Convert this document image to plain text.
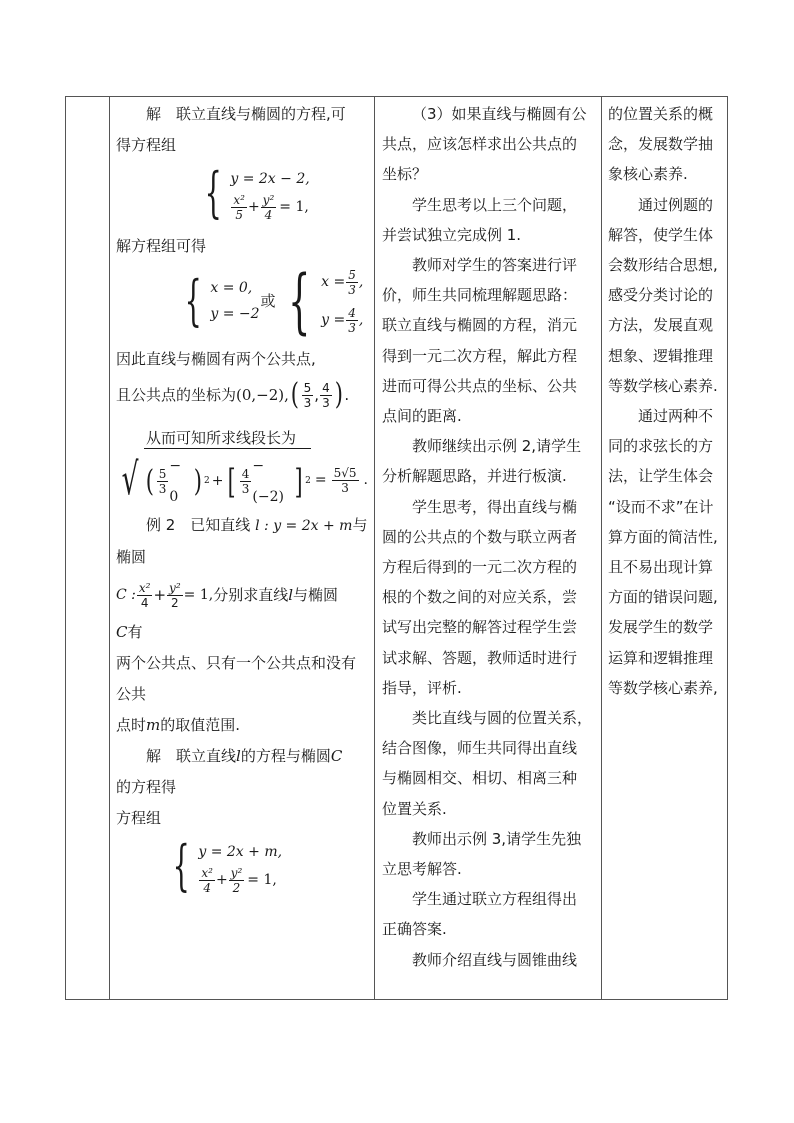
解　联立直线与椭圆的方程,可

得方程组

{ y = 2x − 2,
$\frac{\text{x²}}{5} + \frac{\text{y²}}{4} = 1$,

解方程组可得

{ x = 0,
y = −2
或 { $x = \frac{5}{3}$ ,
$y = \frac{4}{3}$ ,

因此直线与椭圆有两个公共点,

且公共点的坐标为 (0,−2), ( $\frac{5}{3}$ , $\frac{4}{3}$ ) .

从而可知所求线段长为

√ ( $\frac{5}{3}$
− 0 ) 2 + [ $\frac{4}{3}$
−(−2) ] $2 = \frac{5√5}{3}$ .

例 2　已知直线 l : y = 2x + m与

椭圆

C : $\frac{\text{x²}}{4} + \frac{\text{y²}}{2} = 1$, 分别求直线 l 与椭圆

C有

两个公共点、只有一个公共点和没有

公共

点时m的取值范围.

解　联立直线l的方程与椭圆C

的方程得

方程组

{ y = 2x + m,
$\frac{\text{x²}}{4} + \frac{\text{y²}}{2} = 1$,

（3）如果直线与椭圆有公

共点，应该怎样求出公共点的

坐标？

学生思考以上三个问题，

并尝试独立完成例 1.

教师对学生的答案进行评

价，师生共同梳理解题思路：

联立直线与椭圆的方程，消元

得到一元二次方程，解此方程

进而可得公共点的坐标、公共

点间的距离.

教师继续出示例 2,请学生

分析解题思路，并进行板演.

学生思考，得出直线与椭

圆的公共点的个数与联立两者

方程后得到的一元二次方程的

根的个数之间的对应关系，尝

试写出完整的解答过程学生尝

试求解、答题，教师适时进行

指导，评析.

类比直线与圆的位置关系，

结合图像，师生共同得出直线

与椭圆相交、相切、相离三种

位置关系.

教师出示例 3,请学生先独

立思考解答.

学生通过联立方程组得出

正确答案.

教师介绍直线与圆锥曲线

的位置关系的概

念，发展数学抽

象核心素养.

通过例题的

解答，使学生体

会数形结合思想,

感受分类讨论的

方法，发展直观

想象、逻辑推理

等数学核心素养.

通过两种不

同的求弦长的方

法，让学生体会

“设而不求”在计

算方面的简洁性,

且不易出现计算

方面的错误问题,

发展学生的数学

运算和逻辑推理

等数学核心素养,
